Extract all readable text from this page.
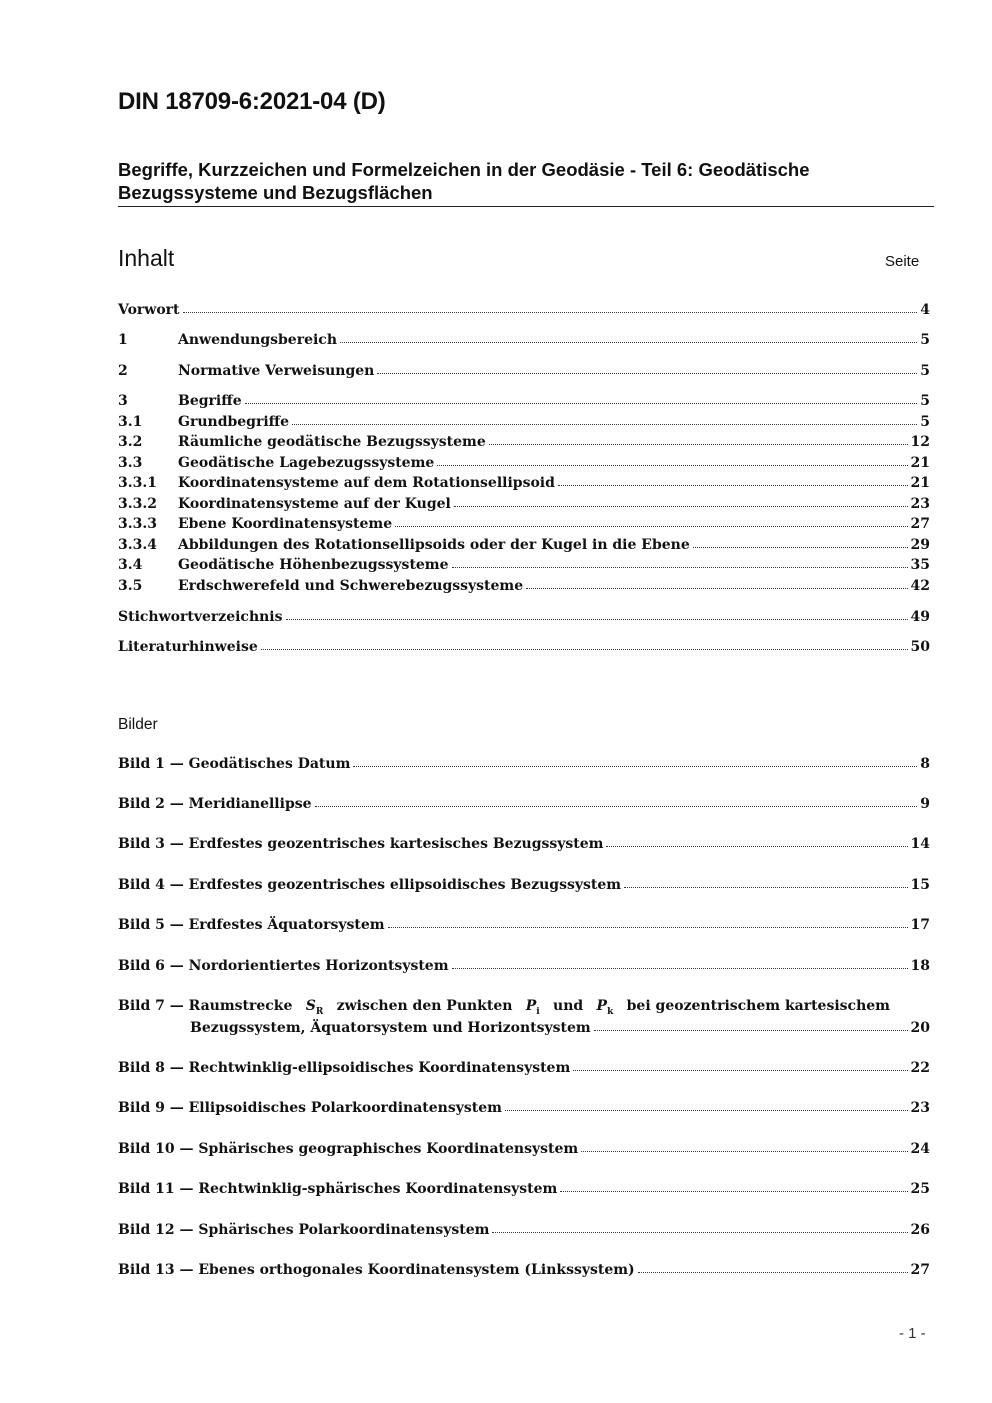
DIN 18709-6:2021-04 (D)
Begriffe, Kurzzeichen und Formelzeichen in der Geodäsie - Teil 6: Geodätische Bezugssysteme und Bezugsflächen
Inhalt	Seite
Vorwort	4
1	Anwendungsbereich	5
2	Normative Verweisungen	5
3	Begriffe	5
3.1	Grundbegriffe	5
3.2	Räumliche geodätische Bezugssysteme	12
3.3	Geodätische Lagebezugssysteme	21
3.3.1	Koordinatensysteme auf dem Rotationsellipsoid	21
3.3.2	Koordinatensysteme auf der Kugel	23
3.3.3	Ebene Koordinatensysteme	27
3.3.4	Abbildungen des Rotationsellipsoids oder der Kugel in die Ebene	29
3.4	Geodätische Höhenbezugssysteme	35
3.5	Erdschwerefeld und Schwerebezugssysteme	42
Stichwortverzeichnis	49
Literaturhinweise	50
Bilder
Bild 1 — Geodätisches Datum	8
Bild 2 — Meridianellipse	9
Bild 3 — Erdfestes geozentrisches kartesisches Bezugssystem	14
Bild 4 — Erdfestes geozentrisches ellipsoidisches Bezugssystem	15
Bild 5 — Erdfestes Äquatorsystem	17
Bild 6 — Nordorientiertes Horizontsystem	18
Bild 7 — Raumstrecke $S_R$ zwischen den Punkten $P_i$ und $P_k$ bei geozentrischem kartesischem
Bezugssystem, Äquatorsystem und Horizontsystem	20
Bild 8 — Rechtwinklig-ellipsoidisches Koordinatensystem	22
Bild 9 — Ellipsoidisches Polarkoordinatensystem	23
Bild 10 — Sphärisches geographisches Koordinatensystem	24
Bild 11 — Rechtwinklig-sphärisches Koordinatensystem	25
Bild 12 — Sphärisches Polarkoordinatensystem	26
Bild 13 — Ebenes orthogonales Koordinatensystem (Linkssystem)	27
- 1 -
